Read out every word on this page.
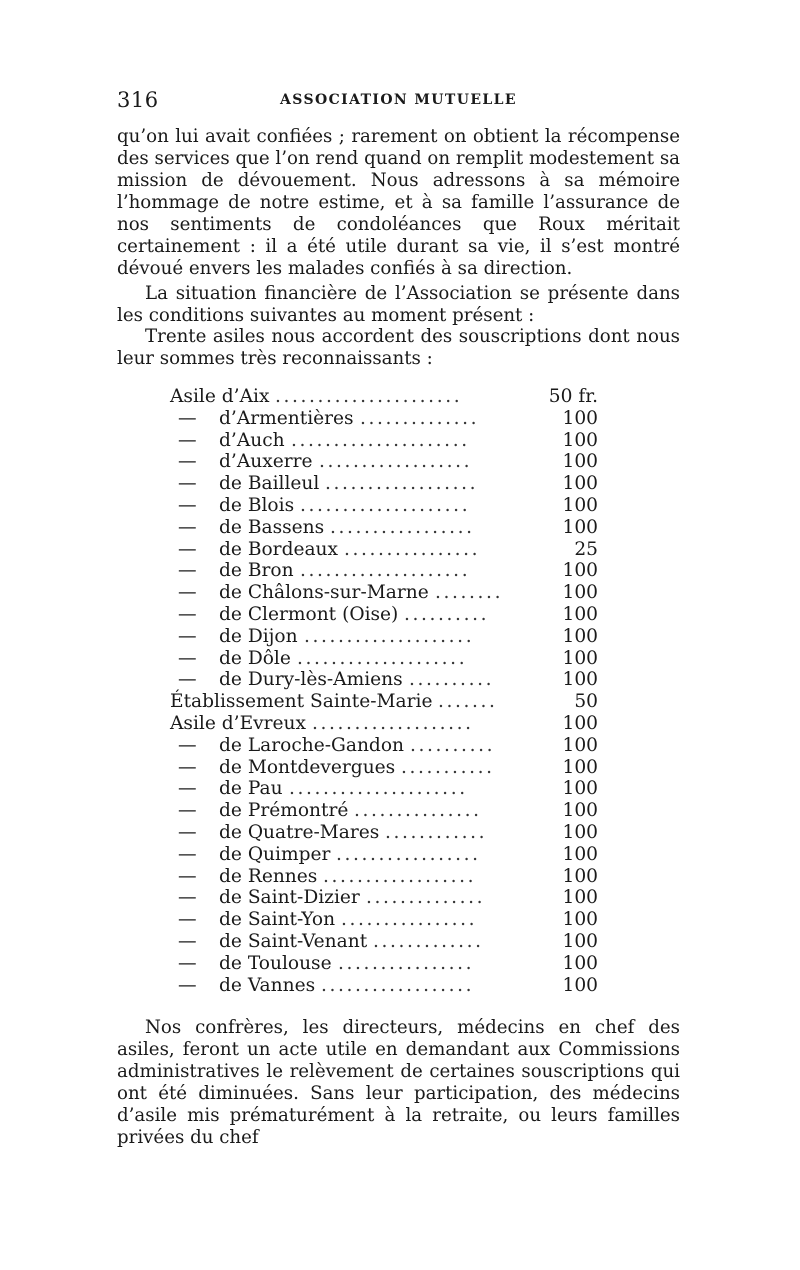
316	ASSOCIATION MUTUELLE

qu’on lui avait confiées ; rarement on obtient la récompense des services que l’on rend quand on remplit modestement sa mission de dévouement. Nous adressons à sa mémoire l’hommage de notre estime, et à sa famille l’assurance de nos sentiments de condoléances que Roux méritait certainement : il a été utile durant sa vie, il s’est montré dévoué envers les malades confiés à sa direction.

La situation financière de l’Association se présente dans les conditions suivantes au moment présent :

Trente asiles nous accordent des souscriptions dont nous leur sommes très reconnaissants :

Asile d’Aix ......................	50 fr.
— d’Armentières ..............	100
— d’Auch .....................	100
— d’Auxerre ..................	100
— de Bailleul ..................	100
— de Blois ....................	100
— de Bassens .................	100
— de Bordeaux ................	25
— de Bron ....................	100
— de Châlons-sur-Marne ........	100
— de Clermont (Oise) ..........	100
— de Dijon ....................	100
— de Dôle ....................	100
— de Dury-lès-Amiens ..........	100
Établissement Sainte-Marie .......	50
Asile d’Evreux ...................	100
— de Laroche-Gandon ..........	100
— de Montdevergues ...........	100
— de Pau .....................	100
— de Prémontré ...............	100
— de Quatre-Mares ............	100
— de Quimper .................	100
— de Rennes ..................	100
— de Saint-Dizier ..............	100
— de Saint-Yon ................	100
— de Saint-Venant .............	100
— de Toulouse ................	100
— de Vannes ..................	100

Nos confrères, les directeurs, médecins en chef des asiles, feront un acte utile en demandant aux Commissions administratives le relèvement de certaines souscriptions qui ont été diminuées. Sans leur participation, des médecins d’asile mis prématurément à la retraite, ou leurs familles privées du chef
